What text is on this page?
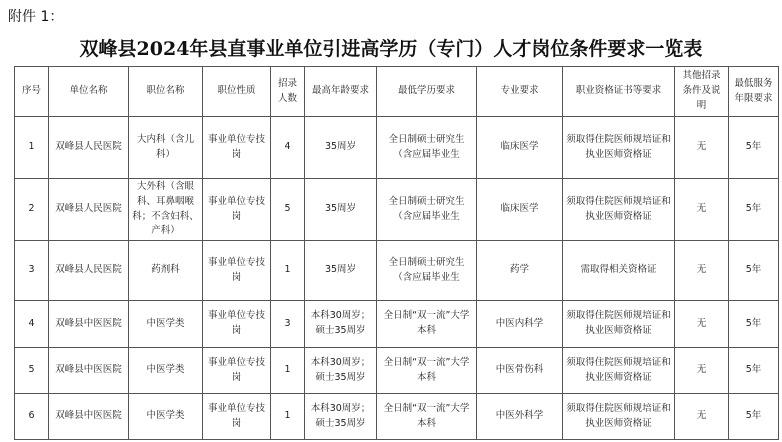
附件 1：
双峰县2024年县直事业单位引进高学历（专门）人才岗位条件要求一览表
序号	单位名称	职位名称	职位性质	招录人数	最高年龄要求	最低学历要求	专业要求	职业资格证书等要求	其他招录条件及说明	最低服务年限要求
1	双峰县人民医院	大内科（含儿科）	事业单位专技岗	4	35周岁	全日制硕士研究生（含应届毕业生	临床医学	须取得住院医师规培证和执业医师资格证	无	5年
2	双峰县人民医院	大外科（含眼科、耳鼻咽喉科；不含妇科、产科）	事业单位专技岗	5	35周岁	全日制硕士研究生（含应届毕业生	临床医学	须取得住院医师规培证和执业医师资格证	无	5年
3	双峰县人民医院	药剂科	事业单位专技岗	1	35周岁	全日制硕士研究生（含应届毕业生	药学	需取得相关资格证	无	5年
4	双峰县中医医院	中医学类	事业单位专技岗	3	本科30周岁；硕士35周岁	全日制“双一流”大学本科	中医内科学	须取得住院医师规培证和执业医师资格证	无	5年
5	双峰县中医医院	中医学类	事业单位专技岗	1	本科30周岁；硕士35周岁	全日制“双一流”大学本科	中医骨伤科	须取得住院医师规培证和执业医师资格证	无	5年
6	双峰县中医医院	中医学类	事业单位专技岗	1	本科30周岁；硕士35周岁	全日制“双一流”大学本科	中医外科学	须取得住院医师规培证和执业医师资格证	无	5年
